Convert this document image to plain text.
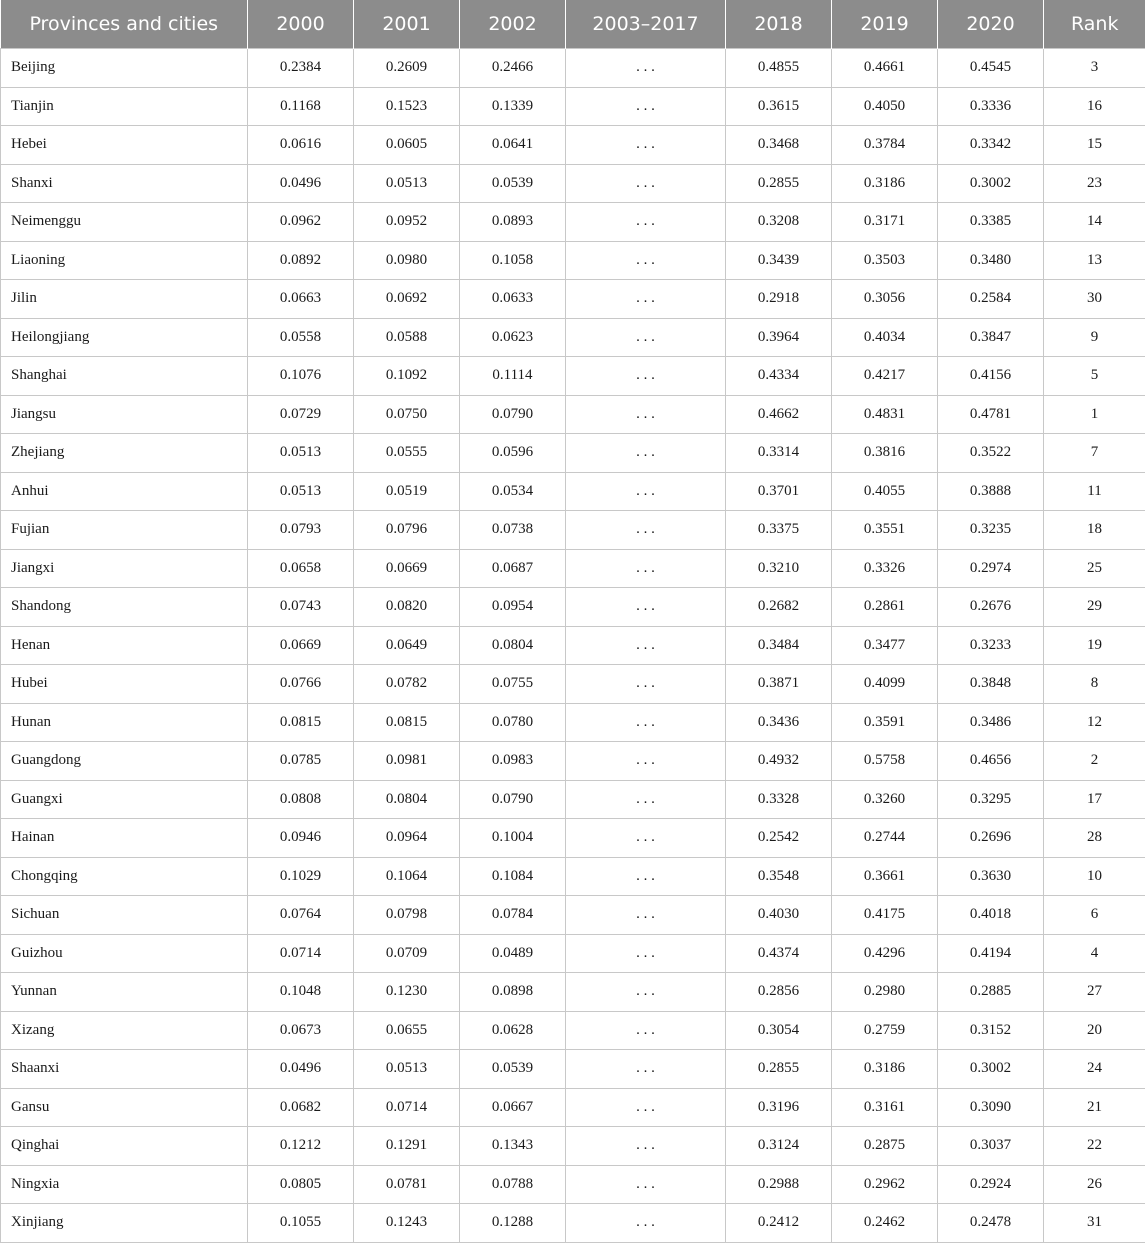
Provinces and cities	2000	2001	2002	2003–2017	2018	2019	2020	Rank
Beijing	0.2384	0.2609	0.2466	. . .	0.4855	0.4661	0.4545	3
Tianjin	0.1168	0.1523	0.1339	. . .	0.3615	0.4050	0.3336	16
Hebei	0.0616	0.0605	0.0641	. . .	0.3468	0.3784	0.3342	15
Shanxi	0.0496	0.0513	0.0539	. . .	0.2855	0.3186	0.3002	23
Neimenggu	0.0962	0.0952	0.0893	. . .	0.3208	0.3171	0.3385	14
Liaoning	0.0892	0.0980	0.1058	. . .	0.3439	0.3503	0.3480	13
Jilin	0.0663	0.0692	0.0633	. . .	0.2918	0.3056	0.2584	30
Heilongjiang	0.0558	0.0588	0.0623	. . .	0.3964	0.4034	0.3847	9
Shanghai	0.1076	0.1092	0.1114	. . .	0.4334	0.4217	0.4156	5
Jiangsu	0.0729	0.0750	0.0790	. . .	0.4662	0.4831	0.4781	1
Zhejiang	0.0513	0.0555	0.0596	. . .	0.3314	0.3816	0.3522	7
Anhui	0.0513	0.0519	0.0534	. . .	0.3701	0.4055	0.3888	11
Fujian	0.0793	0.0796	0.0738	. . .	0.3375	0.3551	0.3235	18
Jiangxi	0.0658	0.0669	0.0687	. . .	0.3210	0.3326	0.2974	25
Shandong	0.0743	0.0820	0.0954	. . .	0.2682	0.2861	0.2676	29
Henan	0.0669	0.0649	0.0804	. . .	0.3484	0.3477	0.3233	19
Hubei	0.0766	0.0782	0.0755	. . .	0.3871	0.4099	0.3848	8
Hunan	0.0815	0.0815	0.0780	. . .	0.3436	0.3591	0.3486	12
Guangdong	0.0785	0.0981	0.0983	. . .	0.4932	0.5758	0.4656	2
Guangxi	0.0808	0.0804	0.0790	. . .	0.3328	0.3260	0.3295	17
Hainan	0.0946	0.0964	0.1004	. . .	0.2542	0.2744	0.2696	28
Chongqing	0.1029	0.1064	0.1084	. . .	0.3548	0.3661	0.3630	10
Sichuan	0.0764	0.0798	0.0784	. . .	0.4030	0.4175	0.4018	6
Guizhou	0.0714	0.0709	0.0489	. . .	0.4374	0.4296	0.4194	4
Yunnan	0.1048	0.1230	0.0898	. . .	0.2856	0.2980	0.2885	27
Xizang	0.0673	0.0655	0.0628	. . .	0.3054	0.2759	0.3152	20
Shaanxi	0.0496	0.0513	0.0539	. . .	0.2855	0.3186	0.3002	24
Gansu	0.0682	0.0714	0.0667	. . .	0.3196	0.3161	0.3090	21
Qinghai	0.1212	0.1291	0.1343	. . .	0.3124	0.2875	0.3037	22
Ningxia	0.0805	0.0781	0.0788	. . .	0.2988	0.2962	0.2924	26
Xinjiang	0.1055	0.1243	0.1288	. . .	0.2412	0.2462	0.2478	31
